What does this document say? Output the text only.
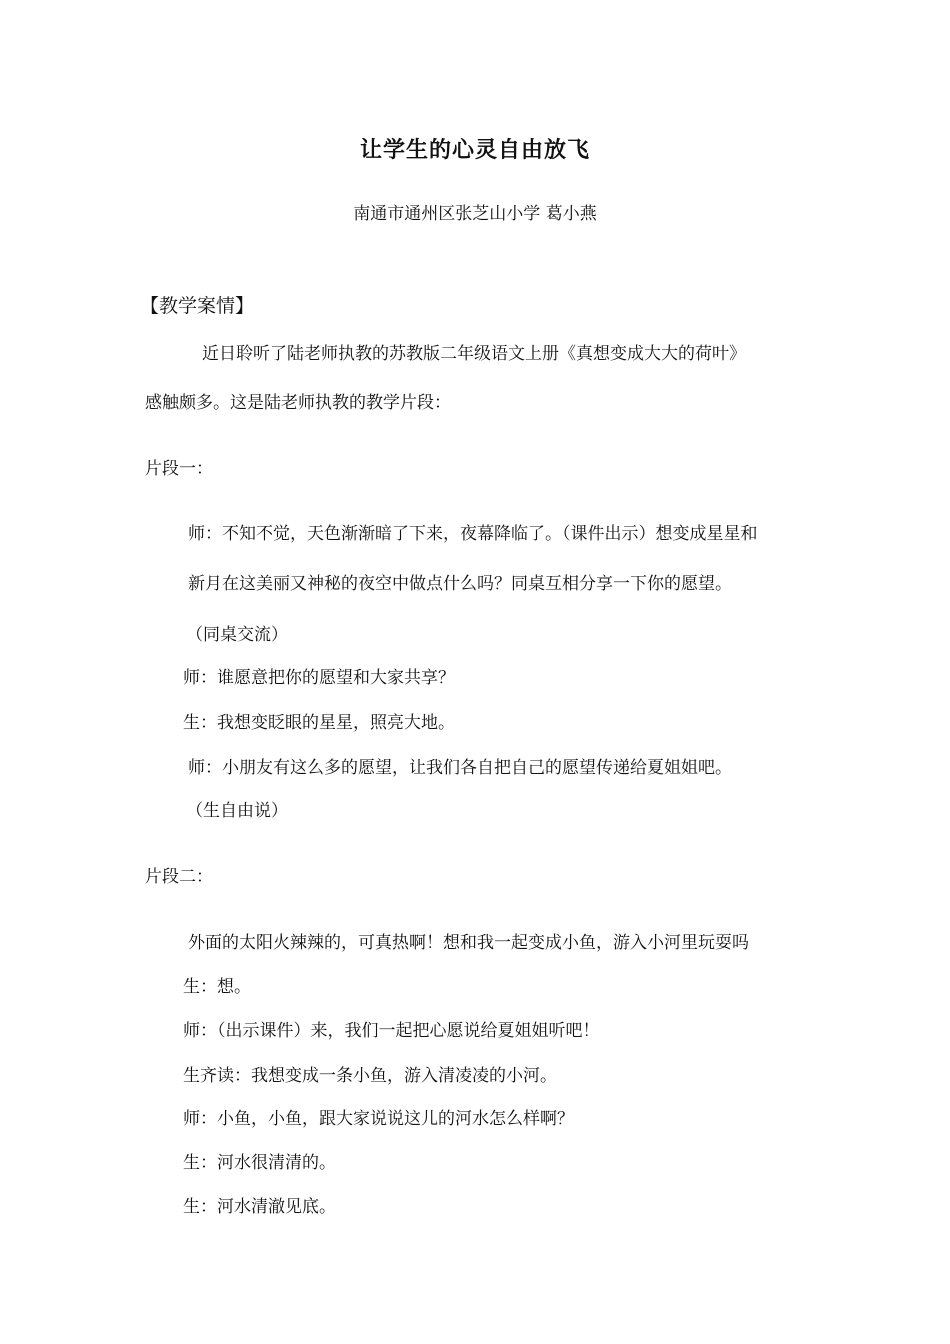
让学生的心灵自由放飞
南通市通州区张芝山小学 葛小燕
【教学案情】
近日聆听了陆老师执教的苏教版二年级语文上册《真想变成大大的荷叶》
感触颇多。这是陆老师执教的教学片段：
片段一：
师：不知不觉，天色渐渐暗了下来，夜幕降临了。（课件出示）想变成星星和
新月在这美丽又神秘的夜空中做点什么吗？同桌互相分享一下你的愿望。
（同桌交流）
师：谁愿意把你的愿望和大家共享？
生：我想变眨眼的星星，照亮大地。
师：小朋友有这么多的愿望，让我们各自把自己的愿望传递给夏姐姐吧。
（生自由说）
片段二：
外面的太阳火辣辣的，可真热啊！想和我一起变成小鱼，游入小河里玩耍吗
生：想。
师：（出示课件）来，我们一起把心愿说给夏姐姐听吧！
生齐读：我想变成一条小鱼，游入清凌凌的小河。
师：小鱼，小鱼，跟大家说说这儿的河水怎么样啊？
生：河水很清清的。
生：河水清澈见底。
